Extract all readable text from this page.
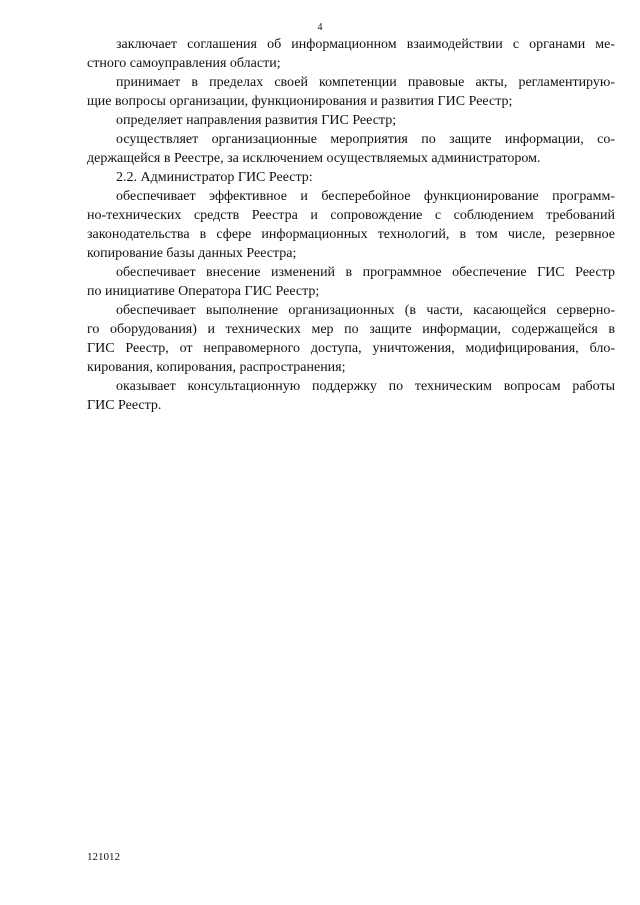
4

заключает соглашения об информационном взаимодействии с органами ме-
стного самоуправления области;

принимает в пределах своей компетенции правовые акты, регламентирую-
щие вопросы организации, функционирования и развития ГИС Реестр;

определяет направления развития ГИС Реестр;

осуществляет организационные мероприятия по защите информации, со-
держащейся в Реестре, за исключением осуществляемых администратором.

2.2. Администратор ГИС Реестр:

обеспечивает эффективное и бесперебойное функционирование программ-
но-технических средств Реестра и сопровождение с соблюдением требований
законодательства в сфере информационных технологий, в том числе, резервное
копирование базы данных Реестра;

обеспечивает внесение изменений в программное обеспечение ГИС Реестр
по инициативе Оператора ГИС Реестр;

обеспечивает выполнение организационных (в части, касающейся серверно-
го оборудования) и технических мер по защите информации, содержащейся в
ГИС Реестр, от неправомерного доступа, уничтожения, модифицирования, бло-
кирования, копирования, распространения;

оказывает консультационную поддержку по техническим вопросам работы
ГИС Реестр.

121012
